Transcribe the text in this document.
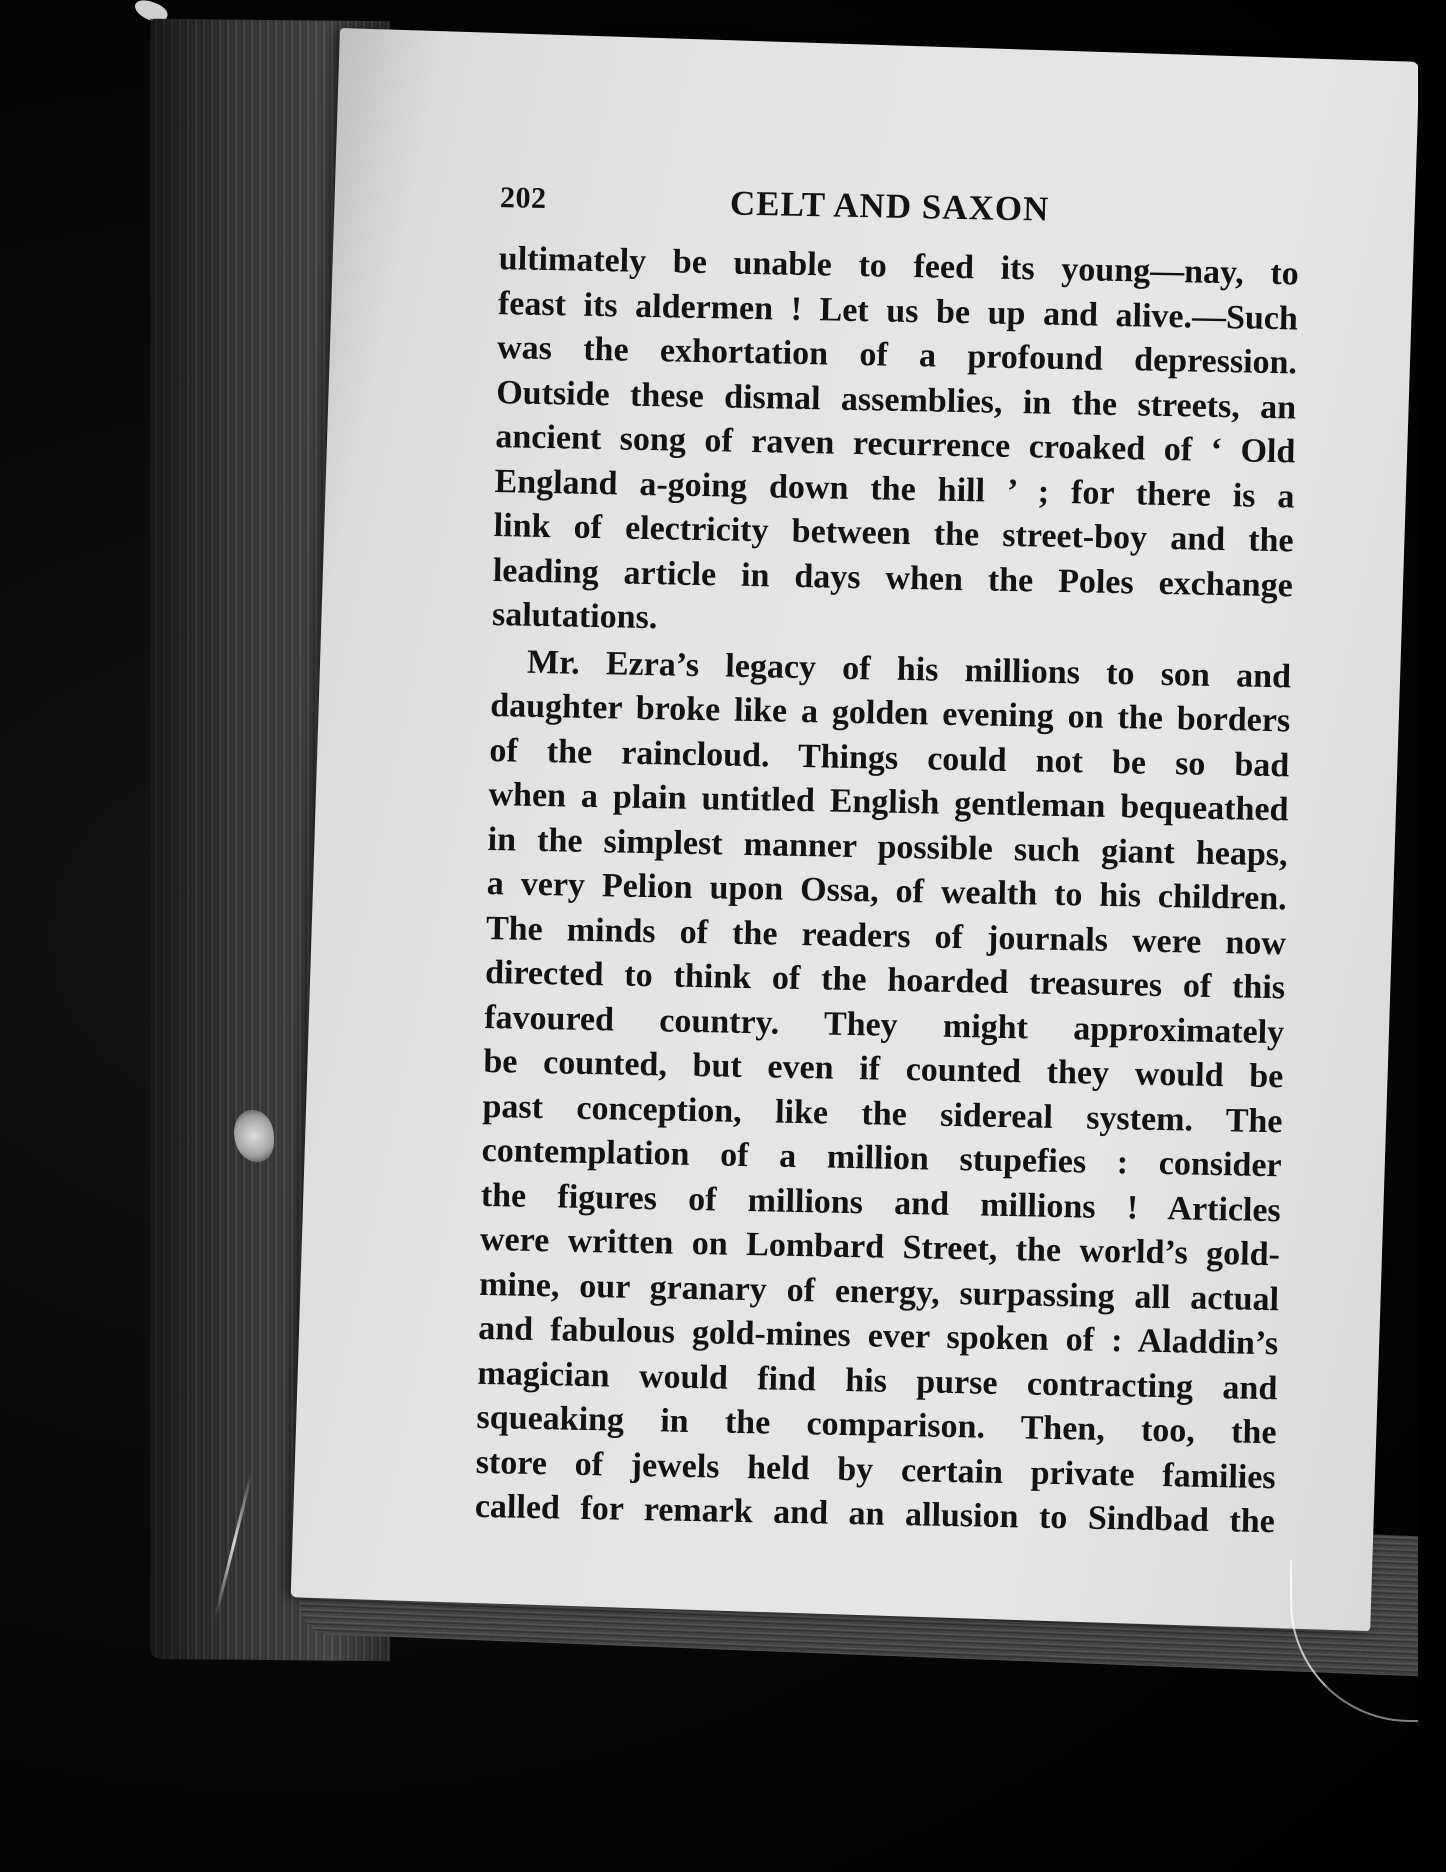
202	CELT AND SAXON
ultimately be unable to feed its young—nay, to
feast its aldermen ! Let us be up and alive.—Such
was the exhortation of a profound depression.
Outside these dismal assemblies, in the streets, an
ancient song of raven recurrence croaked of ‘ Old
England a-going down the hill ’ ; for there is a
link of electricity between the street-boy and the
leading article in days when the Poles exchange
salutations.
Mr. Ezra’s legacy of his millions to son and
daughter broke like a golden evening on the borders
of the raincloud. Things could not be so bad
when a plain untitled English gentleman bequeathed
in the simplest manner possible such giant heaps,
a very Pelion upon Ossa, of wealth to his children.
The minds of the readers of journals were now
directed to think of the hoarded treasures of this
favoured country. They might approximately
be counted, but even if counted they would be
past conception, like the sidereal system. The
contemplation of a million stupefies : consider
the figures of millions and millions ! Articles
were written on Lombard Street, the world’s gold-
mine, our granary of energy, surpassing all actual
and fabulous gold-mines ever spoken of : Aladdin’s
magician would find his purse contracting and
squeaking in the comparison. Then, too, the
store of jewels held by certain private families
called for remark and an allusion to Sindbad the
